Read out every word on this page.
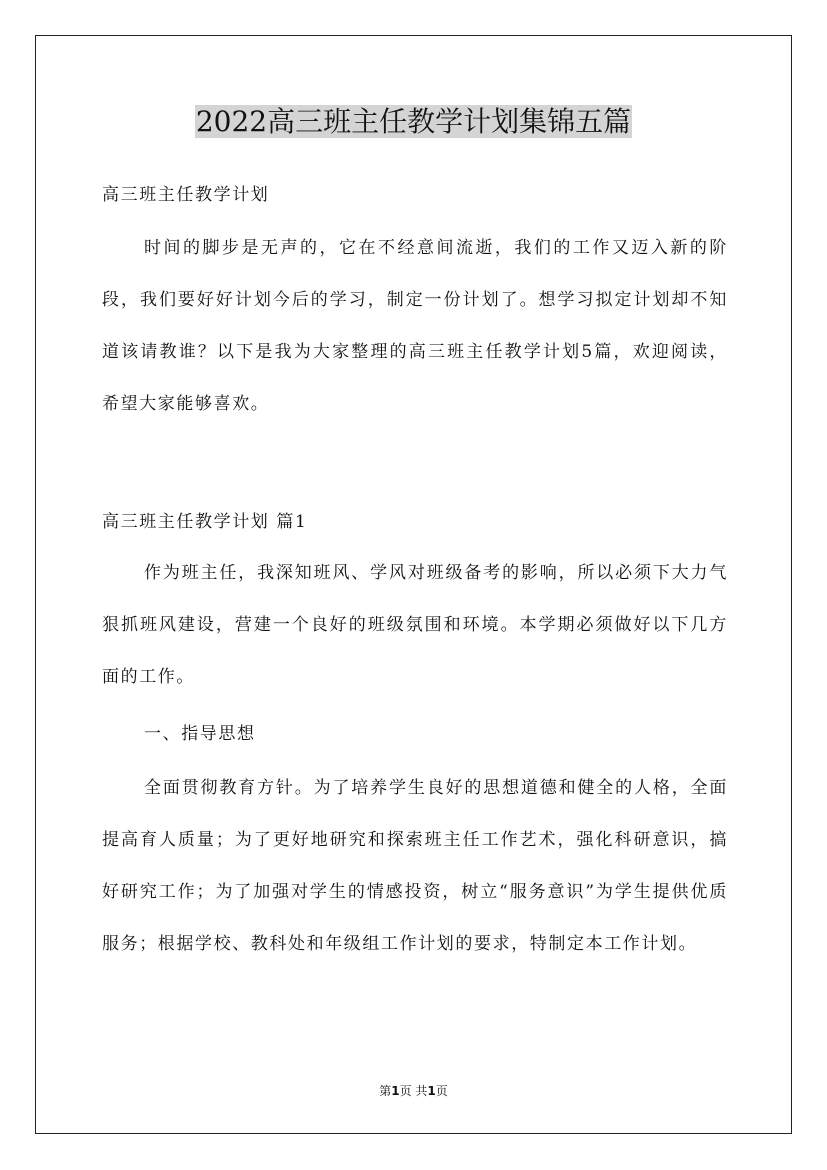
2022高三班主任教学计划集锦五篇
高三班主任教学计划
时间的脚步是无声的，它在不经意间流逝，我们的工作又迈入新的阶段，我们要好好计划今后的学习，制定一份计划了。想学习拟定计划却不知道该请教谁？以下是我为大家整理的高三班主任教学计划5篇，欢迎阅读，希望大家能够喜欢。
高三班主任教学计划 篇1
作为班主任，我深知班风、学风对班级备考的影响，所以必须下大力气狠抓班风建设，营建一个良好的班级氛围和环境。本学期必须做好以下几方面的工作。
一、指导思想
全面贯彻教育方针。为了培养学生良好的思想道德和健全的人格，全面提高育人质量；为了更好地研究和探索班主任工作艺术，强化科研意识，搞好研究工作；为了加强对学生的情感投资，树立“服务意识”为学生提供优质服务；根据学校、教科处和年级组工作计划的要求，特制定本工作计划。
第1页 共1页
